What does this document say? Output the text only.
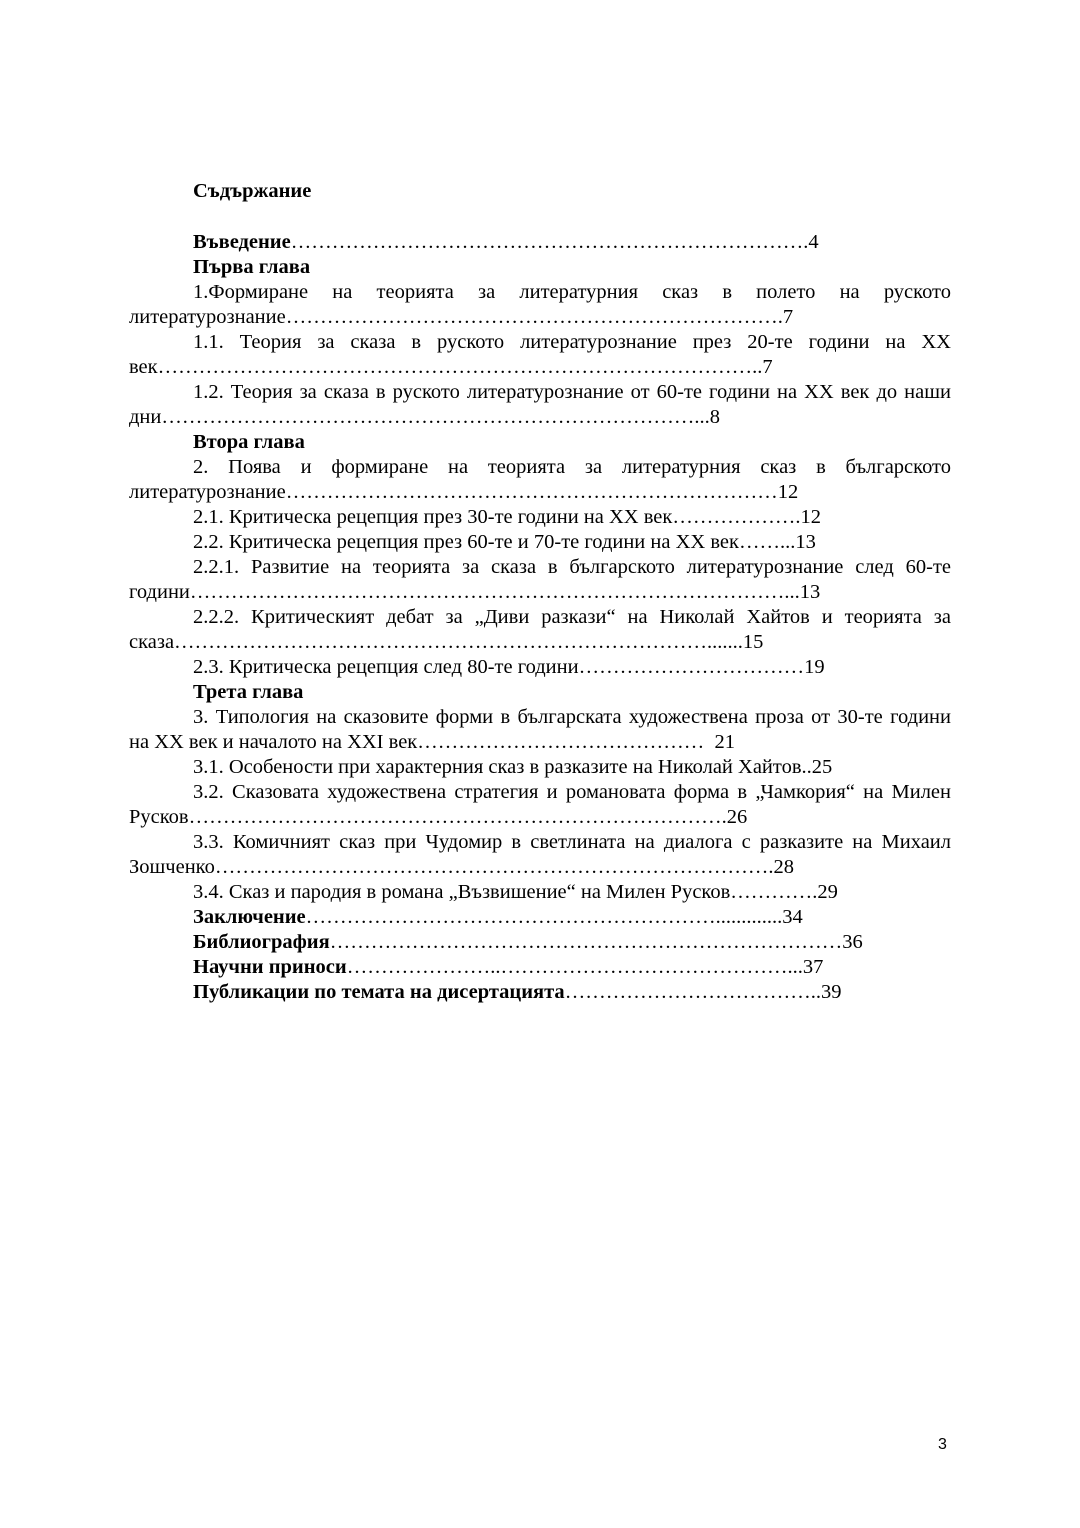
Съдържание
Въведение………………………………………………………………….4
Първа глава
1.Формиране на теорията за литературния сказ в полето на руското литературознание……………………………………………………………….7
1.1. Теория за сказа в руското литературознание през 20-те години на XX век……………………………………………………………………………..7
1.2. Теория за сказа в руското литературознание от 60-те години на XX век до наши дни……………………………………………………………………...8
Втора глава
2. Поява и формиране на теорията за литературния сказ в българското литературознание………………………………………………………………12
2.1. Критическа рецепция през 30-те години на XX век……………….12
2.2. Критическа рецепция през 60-те и 70-те години на XX век……...13
2.2.1. Развитие на теорията за сказа в българското литературознание след 60-те години……………………………………………………………………………...13
2.2.2. Критическият дебат за „Диви разкази“ на Николай Хайтов и теорията за сказа…………………………………………………………………….......15
2.3. Критическа рецепция след 80-те години……………………………19
Трета глава
3. Типология на сказовите форми в българската художествена проза от 30-те години на XX век и началото на XXI век……………………………………  21
3.1. Особености при характерния сказ в разказите на Николай Хайтов..25
3.2. Сказовата художествена стратегия и романовата форма в „Чамкория“ на Милен Русков…………………………………………………………………….26
3.3. Комичният сказ при Чудомир в светлината на диалога с разказите на Михаил Зошченко……………………………………………………………………….28
3.4. Сказ и пародия в романа „Възвишение“ на Милен Русков………….29
Заключение…………………………………………………….............34
Библиография…………………………………………………………………36
Научни приноси…………………..……………………………………...37
Публикации по темата на дисертацията………………………………..39
3
